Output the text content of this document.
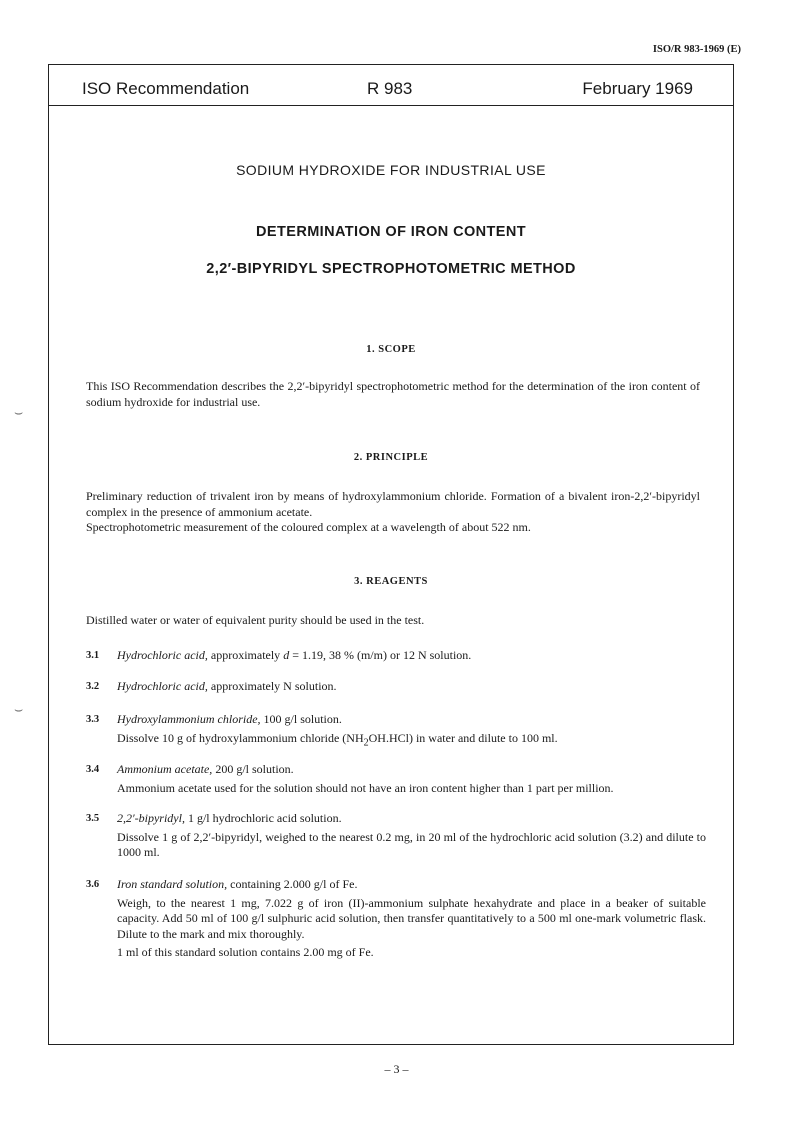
ISO/R 983-1969 (E)
ISO Recommendation	R 983	February 1969
SODIUM HYDROXIDE FOR INDUSTRIAL USE
DETERMINATION OF IRON CONTENT
2,2′-BIPYRIDYL SPECTROPHOTOMETRIC METHOD
1. SCOPE
This ISO Recommendation describes the 2,2′-bipyridyl spectrophotometric method for the determination of the iron content of sodium hydroxide for industrial use.
2. PRINCIPLE
Preliminary reduction of trivalent iron by means of hydroxylammonium chloride. Formation of a bivalent iron-2,2′-bipyridyl complex in the presence of ammonium acetate.
Spectrophotometric measurement of the coloured complex at a wavelength of about 522 nm.
3. REAGENTS
Distilled water or water of equivalent purity should be used in the test.
3.1 Hydrochloric acid, approximately d = 1.19, 38 % (m/m) or 12 N solution.

3.2 Hydrochloric acid, approximately N solution.

3.3 Hydroxylammonium chloride, 100 g/l solution.

Dissolve 10 g of hydroxylammonium chloride $(NH_2OH.HCl)$ in water and dilute to 100 ml.

3.4 Ammonium acetate, 200 g/l solution.

Ammonium acetate used for the solution should not have an iron content higher than 1 part per million.

3.5 2,2′-bipyridyl, 1 g/l hydrochloric acid solution.

Dissolve 1 g of 2,2′-bipyridyl, weighed to the nearest 0.2 mg, in 20 ml of the hydrochloric acid solution (3.2) and dilute to 1000 ml.

3.6 Iron standard solution, containing 2.000 g/l of Fe.

Weigh, to the nearest 1 mg, 7.022 g of iron (II)-ammonium sulphate hexahydrate and place in a beaker of suitable capacity. Add 50 ml of 100 g/l sulphuric acid solution, then transfer quantitatively to a 500 ml one-mark volumetric flask. Dilute to the mark and mix thoroughly.

1 ml of this standard solution contains 2.00 mg of Fe.

⌣
⌣
– 3 –
